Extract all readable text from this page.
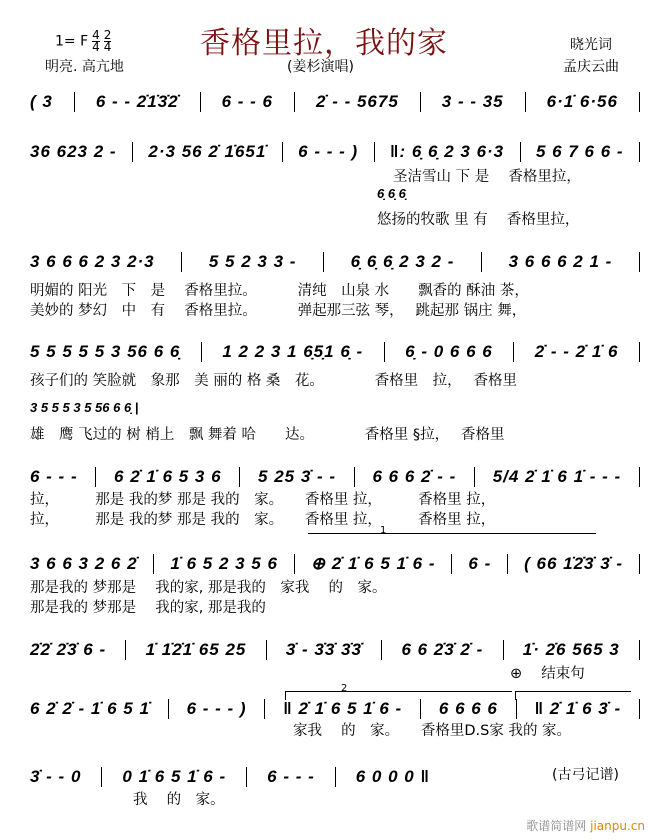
1= F $\frac{4}{4} \frac{2}{4}$
明亮. 高亢地
香格里拉，我的家
(姜杉演唱)
晓光词
孟庆云曲
( 3	6 - - 2̇1̇3̇2̇	6 - - 6	2̇ - - 5675	3 - - 35	6·1̇ 6·56
36 623 2 - 2·3 56 2̇ 1̇651̇ 6 - - - ) ‖: 6̣ 6̣ 2 3 6·3 5 6 7 6 6 -
3 6 6 6 2 3 2·3	5 5 2 3 3 -	6̣ 6̣ 6̣ 2 3 2 -	3 6 6 6 2 1 -
5 5 5 5 5 3 56 6 6̣ 1 2 2 3 1 6̣5̣1 6̣ - 6̣ - 0 6 6 6 2̇ - - 2̇ 1̇ 6
6 - - - 6 2̇ 1̇ 6 5 3 6 5 25 3̇ - - 6 6 6 2̇ - - 5/4 2̇ 1̇ 6 1̇ - - -
3 6 6 3 2 6 2̇ 1̇ 6 5 2 3 5 6 ⊕ 2̇ 1̇ 6 5 1̇ 6 - 6 - ( 66 1̇2̇3̇ 3̇ -
2̇2̇ 2̇3̇ 6 - 1̇ 1̇2̇1̇ 65 25 3̇ - 3̇3̇ 3̇3̇ 6 6 2̇3̇ 2̇ - 1̇· 2̇6 565 3
6 2̇ 2̇ - 1̇ 6 5 1̇ 6 - - - ) ‖ 2̇ 1̇ 6 5 1̇ 6 - 6 6 6 6 ‖ 2̇ 1̇ 6 3̇ -
3̇ - - 0 0 1̇ 6 5 1̇ 6 - 6 - - - 6 0 0 0 ‖
圣洁雪山 下 是　 香格里拉，
6̣ 6̣ 6̣
悠扬的牧歌 里 有　 香格里拉，
明媚的 阳光　下　是　 香格里拉。　　　 清纯　山泉 水　　飘香的 酥油 茶，
美妙的 梦幻　中　有　 香格里拉。　　　 弹起那三弦 琴，　 跳起那 锅庄 舞，
孩子们的 笑脸就　象那　美 丽的 格 桑　花。　　　　香格里　拉，　 香格里
3 5 5 5 3 5 56 6 6̣ |
雄　鹰 飞过的 树 梢上　飘 舞着 哈　　达。　　　　香格里 §拉，　 香格里
拉，　　　那是 我的梦 那是 我的　家。　　香格里 拉，　　　香格里 拉，
拉，　　　那是 我的梦 那是 我的　家。　　香格里 拉，　　　香格里 拉，
1
那是我的 梦那是　 我的家, 那是我的　家我　 的　家。
那是我的 梦那是　 我的家, 那是我的
⊕　 结束句
2
家我　 的　家。　　香格里D.S家 我的 家。
我　 的　家。
(古弓记谱)
歌谱简谱网 jianpu.cn
